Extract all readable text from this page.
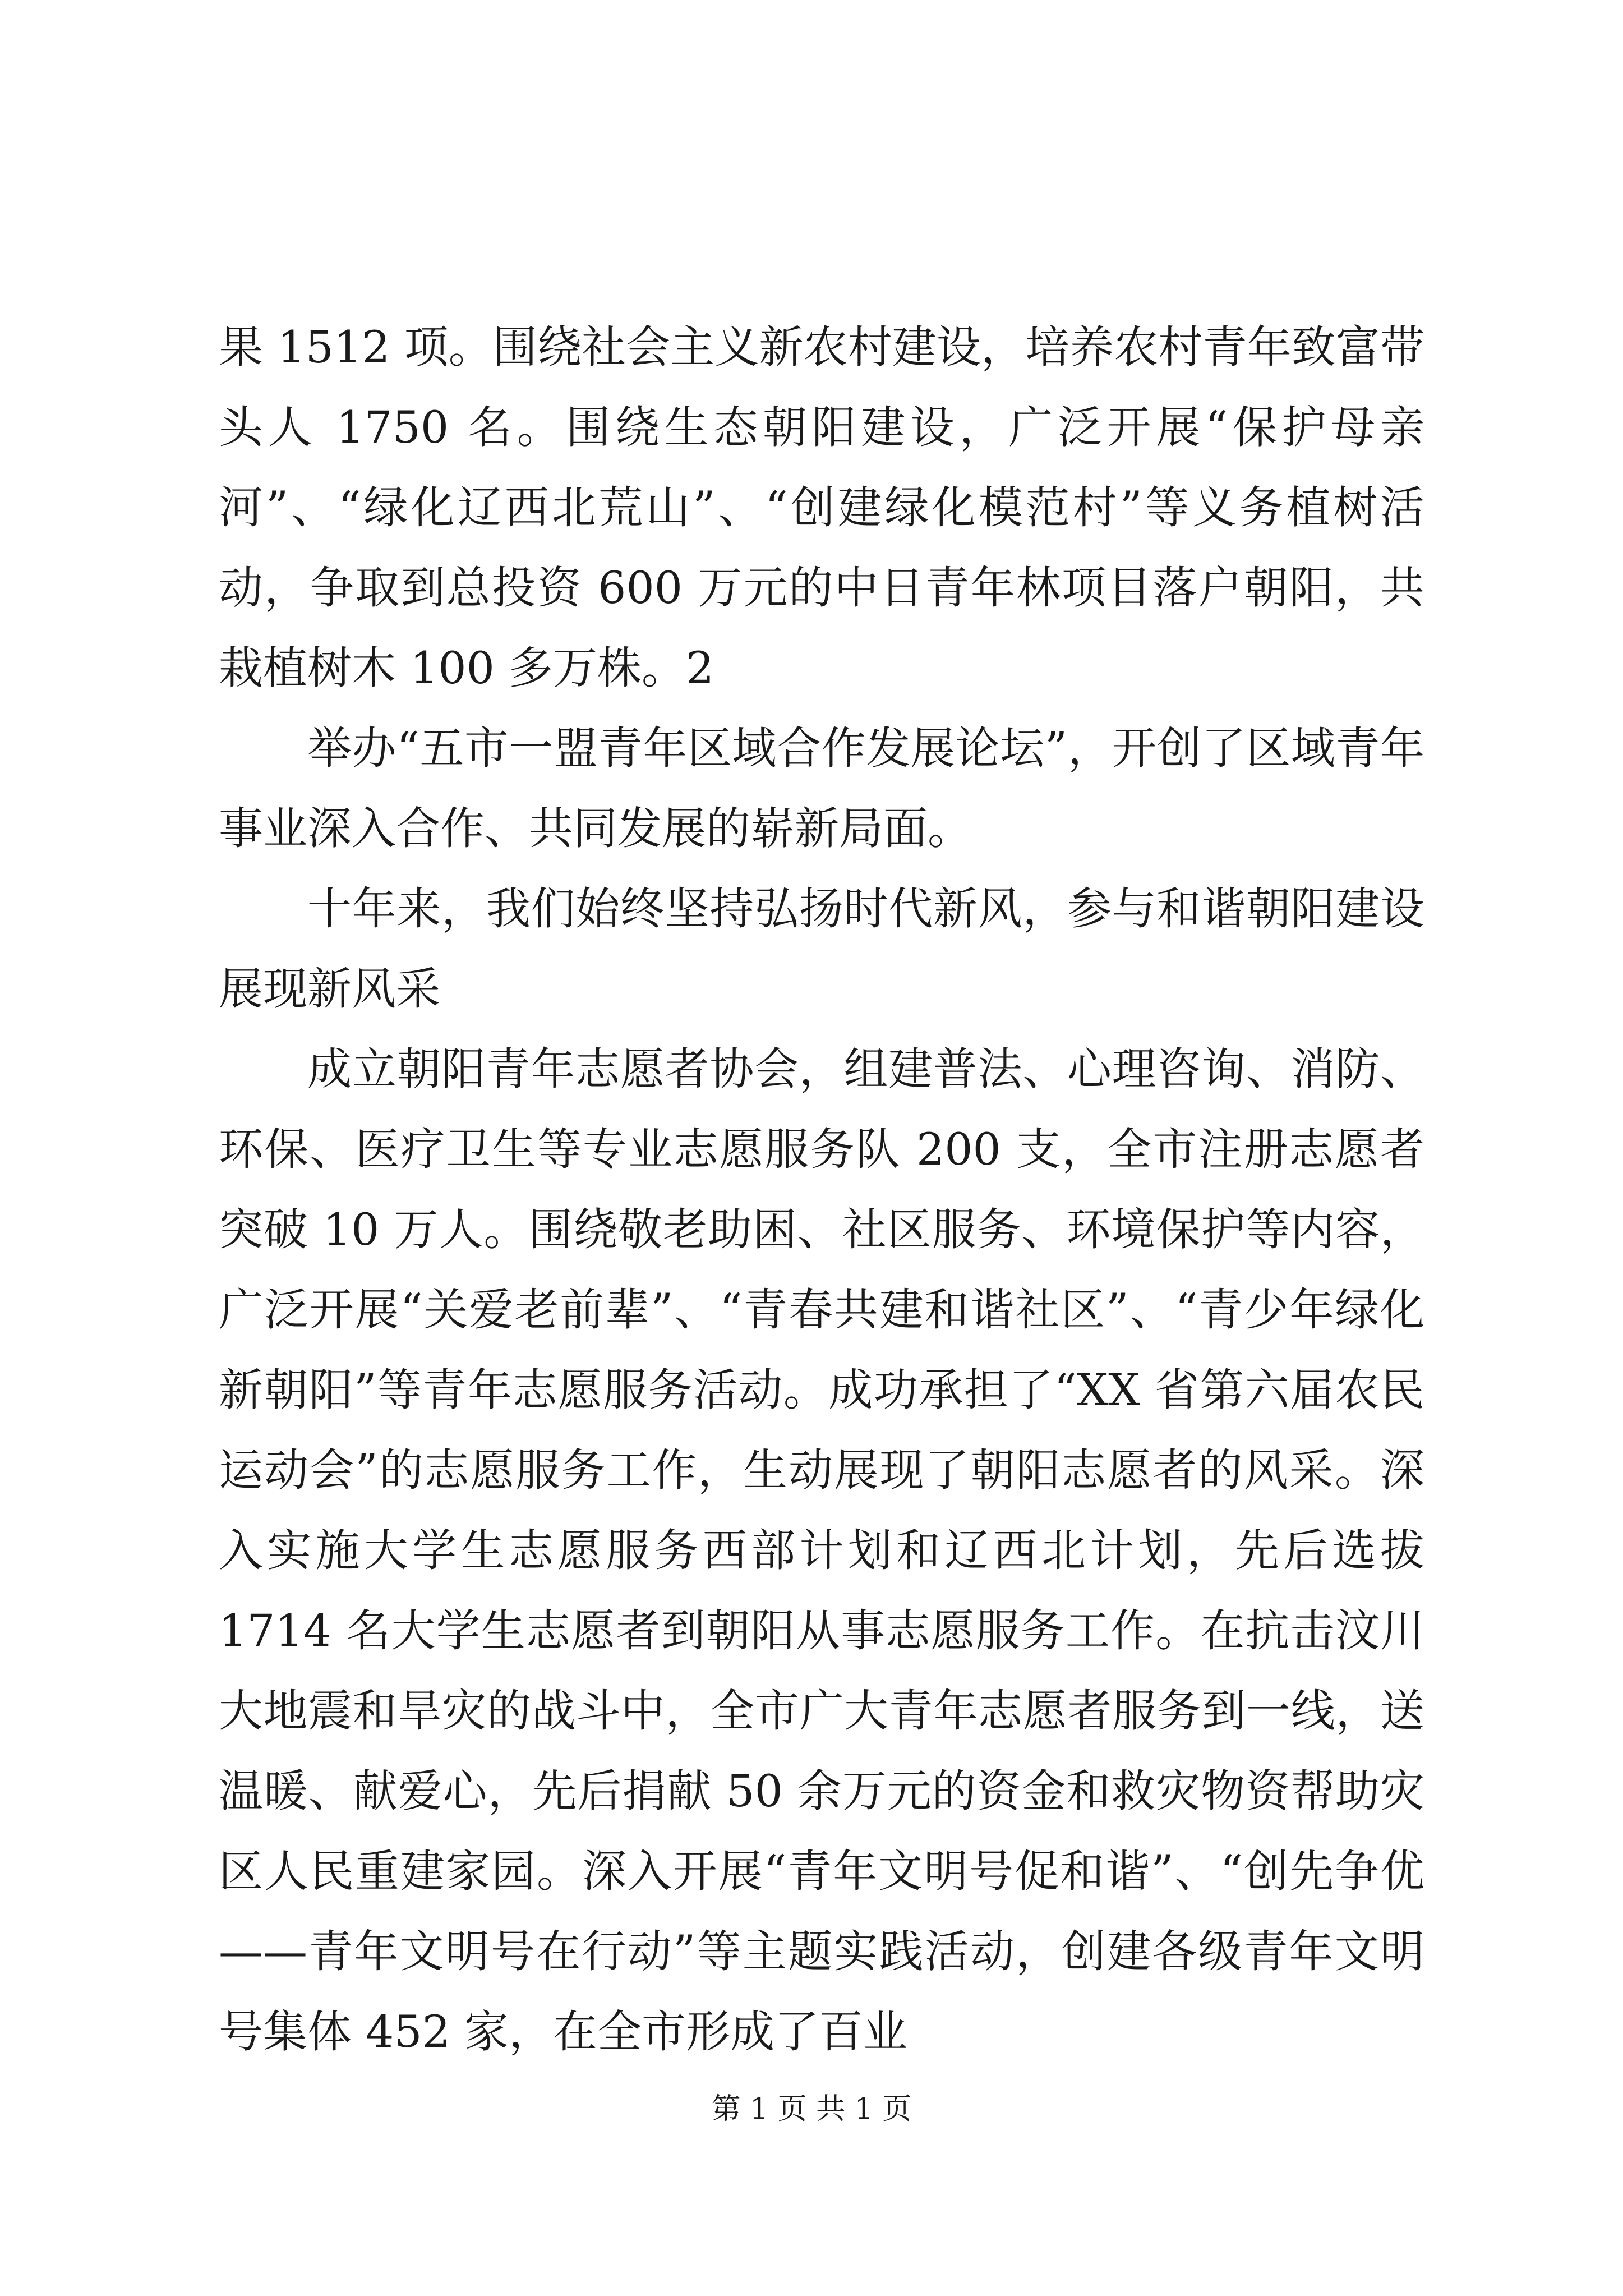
果 1512 项。围绕社会主义新农村建设，培养农村青年致富带头人 1750 名。围绕生态朝阳建设，广泛开展“保护母亲河”、“绿化辽西北荒山”、“创建绿化模范村”等义务植树活动，争取到总投资 600 万元的中日青年林项目落户朝阳，共栽植树木 100 多万株。2

举办“五市一盟青年区域合作发展论坛”，开创了区域青年事业深入合作、共同发展的崭新局面。

十年来，我们始终坚持弘扬时代新风，参与和谐朝阳建设展现新风采

成立朝阳青年志愿者协会，组建普法、心理咨询、消防、环保、医疗卫生等专业志愿服务队 200 支，全市注册志愿者突破 10 万人。围绕敬老助困、社区服务、环境保护等内容，广泛开展“关爱老前辈”、“青春共建和谐社区”、“青少年绿化新朝阳”等青年志愿服务活动。成功承担了“XX 省第六届农民运动会”的志愿服务工作，生动展现了朝阳志愿者的风采。深入实施大学生志愿服务西部计划和辽西北计划，先后选拔 1714 名大学生志愿者到朝阳从事志愿服务工作。在抗击汶川大地震和旱灾的战斗中，全市广大青年志愿者服务到一线，送温暖、献爱心，先后捐献 50 余万元的资金和救灾物资帮助灾区人民重建家园。深入开展“青年文明号促和谐”、“创先争优——青年文明号在行动”等主题实践活动，创建各级青年文明号集体 452 家，在全市形成了百业

第 1 页 共 1 页
